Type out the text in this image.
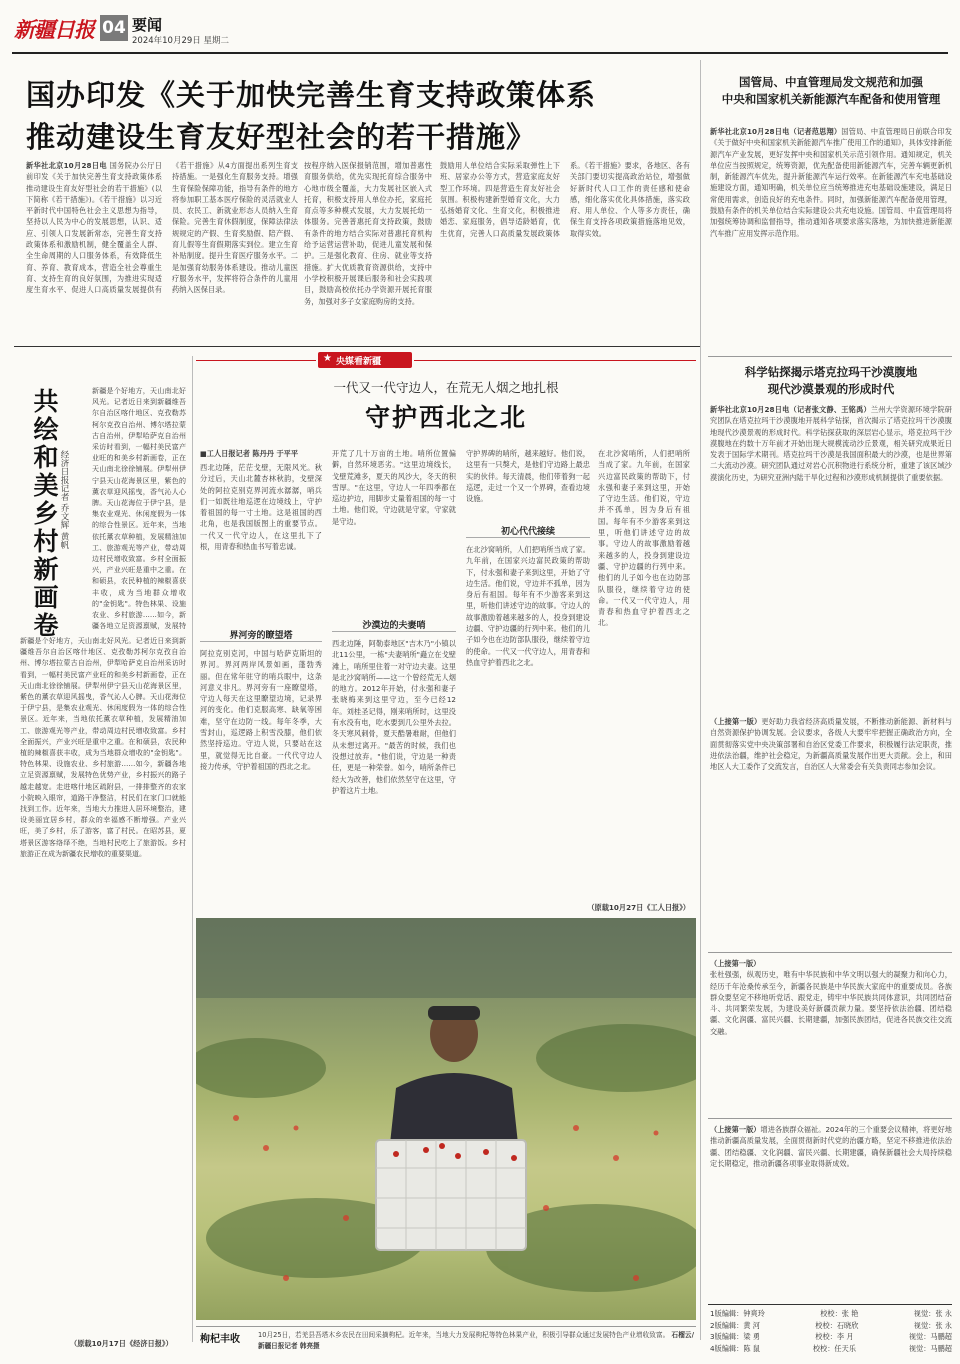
新疆日报 04 要闻
2024年10月29日 星期二
国办印发《关于加快完善生育支持政策体系
推动建设生育友好型社会的若干措施》
新华社北京10月28日电 国务院办公厅日前印发《关于加快完善生育支持政策体系推动建设生育友好型社会的若干措施》(以下简称《若干措施》)。《若干措施》以习近平新时代中国特色社会主义思想为指导，坚持以人民为中心的发展思想，认识、适应、引领人口发展新常态，完善生育支持政策体系和激励机制，健全覆盖全人群、全生命周期的人口服务体系，有效降低生育、养育、教育成本，营造全社会尊重生育、支持生育的良好氛围，为推进实现适度生育水平、促进人口高质量发展提供有
《若干措施》从4方面提出系列生育支持措施。一是强化生育服务支持。增强生育保险保障功能，指导有条件的地方将参加职工基本医疗保险的灵活就业人员、农民工、新就业形态人员纳入生育保险。完善生育休假制度，保障法律法规规定的产假、生育奖励假、陪产假、育儿假等生育假期落实到位。建立生育补贴制度。提升生育医疗服务水平。二是加强育幼服务体系建设。推动儿童医疗服务水平，发挥将符合条件的儿童用药纳入医保目录。
按程序纳入医保报销范围，增加普惠性育服务供给，优先实现托育综合服务中心地市级全覆盖，大力发展社区嵌入式托育，积极支持用人单位办托，家庭托育点等多种模式发展，大力发展托幼一体服务。完善普惠托育支持政策，鼓励有条件的地方结合实际对普惠托育机构给予运营运营补助，促进儿童发展和保护。三是强化教育、住房、就业等支持措施。扩大优质教育资源供给，支持中小学校积极开展课后服务和社会实践项目，鼓励高校依托办学资源开展托育服务，加强对多子女家庭购房的支持。
鼓励用人单位结合实际采取弹性上下班、居家办公等方式，营造家庭友好型工作环境。四是营造生育友好社会氛围。积极构建新型婚育文化，大力弘扬婚育文化、生育文化，积极推进婚恋、家庭服务，倡导适龄婚育，优生优育，完善人口高质量发展政策体系。《若干措施》要求，各地区、各有关部门要切实提高政治站位，增强做好新时代人口工作的责任感和使命感，细化落实优化具体措施，落实政府、用人单位、个人等多方责任，确保生育支持各项政策措施落地见效，取得实效。
国管局、中直管理局发文规范和加强
中央和国家机关新能源汽车配备和使用管理
新华社北京10月28日电（记者范思翔）国管局、中直管理局日前联合印发《关于做好中央和国家机关新能源汽车推广使用工作的通知》，具体安排新能源汽车产业发展，更好发挥中央和国家机关示范引领作用。通知规定，机关单位应当按照规定，统筹资源，优先配备使用新能源汽车，完善车辆更新机制，新能源汽车优先，提升新能源汽车运行效率。在新能源汽车充电基础设施建设方面，通知明确，机关单位应当统筹推进充电基础设施建设，满足日常使用需求，创造良好的充电条件。同时，加强新能源汽车配备使用管理，鼓励有条件的机关单位结合实际建设公共充电设施。国管局、中直管理局将加强统筹协调和监督指导，推动通知各项要求落实落地，为加快推进新能源汽车推广应用发挥示范作用。
科学钻探揭示塔克拉玛干沙漠腹地
现代沙漠景观的形成时代
新华社北京10月28日电（记者张文静、王铭禹）兰州大学资源环境学院研究团队在塔克拉玛干沙漠腹地开展科学钻探，首次揭示了塔克拉玛干沙漠腹地现代沙漠景观的形成时代。科学钻探获取的深层岩心显示，塔克拉玛干沙漠腹地在约数十万年前才开始出现大规模流动沙丘景观，相关研究成果近日发表于国际学术期刊。塔克拉玛干沙漠是我国面积最大的沙漠，也是世界第二大流动沙漠。研究团队通过对岩心沉积物进行系统分析，重建了该区域沙漠演化历史，为研究亚洲内陆干旱化过程和沙漠形成机制提供了重要依据。
（上接第一版）更好助力我省经济高质量发展，不断推动新能源、新材料与自然资源保护协调发展。会议要求，各级人大要牢牢把握正确政治方向，全面贯彻落实党中央决策部署和自治区党委工作要求，积极履行法定职责，推进依法治疆，维护社会稳定，为新疆高质量发展作出更大贡献。会上，和田地区人大工委作了交流发言，自治区人大常委会有关负责同志参加会议。
（上接第一版）
张杜强强，纵观历史，唯有中华民族和中华文明以强大的凝聚力和向心力，经历千年沧桑传承至今，新疆各民族是中华民族大家庭中的重要成员。各族群众要坚定不移地听党话、跟党走，铸牢中华民族共同体意识，共同团结奋斗、共同繁荣发展，为建设美好新疆贡献力量。要坚持依法治疆、团结稳疆、文化润疆、富民兴疆、长期建疆，加强民族团结，促进各民族交往交流交融。
（上接第一版）增进各族群众福祉。2024年的三个重要会议精神，将更好地推动新疆高质量发展，全面贯彻新时代党的治疆方略，坚定不移推进依法治疆、团结稳疆、文化润疆、富民兴疆、长期建疆，确保新疆社会大局持续稳定长期稳定，推动新疆各项事业取得新成效。
1版编辑：钟爽玲	校校：张 艳	视觉：张 永
2版编辑：黄 河	校校：石晓欣	视觉：张 永
3版编辑：梁 勇	校校：李 月	视觉：马鹏超
4版编辑：陈 鼠	校校：任天乐	视觉：马鹏超
共绘和美乡村新画卷 经济日报记者 乔文辉 黄帆
新疆是个好地方，天山南北好风光。记者近日来到新疆维吾尔自治区喀什地区、克孜勒苏柯尔克孜自治州、博尔塔拉蒙古自治州，伊犁哈萨克自治州采访时看到，一幅村美民富产业旺的和美乡村新画卷，正在天山南北徐徐铺展。伊犁州伊宁县天山花海景区里，紫色的薰衣草迎风摇曳，香气沁人心脾。天山花海位于伊宁县，是集农业观光、休闲度假为一体的综合性景区。近年来，当地依托薰衣草种植，发展精油加工、旅游观光等产业，带动周边村民增收致富。乡村全面振兴，产业兴旺是重中之重。在和硕县，农民种植的辣椒喜获丰收，成为当地群众增收的"金钥匙"。特色林果、设施农业、乡村旅游……如今，新疆各地立足资源禀赋，发展特
新疆是个好地方，天山南北好风光。记者近日来到新疆维吾尔自治区喀什地区、克孜勒苏柯尔克孜自治州、博尔塔拉蒙古自治州，伊犁哈萨克自治州采访时看到，一幅村美民富产业旺的和美乡村新画卷，正在天山南北徐徐铺展。伊犁州伊宁县天山花海景区里，紫色的薰衣草迎风摇曳，香气沁人心脾。天山花海位于伊宁县，是集农业观光、休闲度假为一体的综合性景区。近年来，当地依托薰衣草种植，发展精油加工、旅游观光等产业，带动周边村民增收致富。乡村全面振兴，产业兴旺是重中之重。在和硕县，农民种植的辣椒喜获丰收，成为当地群众增收的"金钥匙"。特色林果、设施农业、乡村旅游……如今，新疆各地立足资源禀赋，发展特色优势产业，乡村振兴的路子越走越宽。走进喀什地区疏附县，一排排整齐的农家小院映入眼帘，道路干净整洁，村民们在家门口就能找到工作。近年来，当地大力推进人居环境整治，建设美丽宜居乡村，群众的幸福感不断增强。产业兴旺，美了乡村，乐了游客，富了村民。在昭苏县，夏塔景区游客络绎不绝，当地村民吃上了旅游饭。乡村旅游正在成为新疆农民增收的重要渠道。
（原载10月17日《经济日报》）
★ 央媒看新疆
一代又一代守边人，在荒无人烟之地扎根
守护西北之北
■工人日报记者 陈丹丹 于平平
西北边陲，茫茫戈壁，无限风光。秋分过后，天山北麓杏林秋韵，戈壁深处的阿拉克别克界河流水潺潺，哨兵们一如既往地巡逻在边境线上，守护着祖国的每一寸土地。这是祖国的西北角，也是我国版图上的重要节点。一代又一代守边人，在这里扎下了根，用青春和热血书写着忠诚。
界河旁的瞭望塔
阿拉克别克河，中国与哈萨克斯坦的界河。界河两岸风景如画，蓬勃秀丽。但在常年驻守的哨兵眼中，这条河意义非凡。界河旁有一座瞭望塔，守边人每天在这里瞭望边境，记录界河的变化。他们克服高寒、缺氧等困难，坚守在边防一线。每年冬季，大雪封山，巡逻路上积雪没膝，他们依然坚持巡边。守边人说，只要站在这里，就觉得无比自豪。一代代守边人接力传承，守护着祖国的西北之北。
开荒了几十万亩的土地。哨所位置偏僻，自然环境恶劣。"这里边境线长，戈壁荒滩多，夏天的风沙大，冬天的积雪厚。"在这里，守边人一年四季都在巡边护边，用脚步丈量着祖国的每一寸土地。他们说，守边就是守家，守家就是守边。
沙漠边的夫妻哨
西北边陲，阿勒泰地区"吉木乃"小镇以北11公里，一栋"夫妻哨所"矗立在戈壁滩上，哨所里住着一对守边夫妻。这里是北沙窝哨所——这一个曾经荒无人烟的地方。2012年开始，付永强和妻子张晓梅来到这里守边，至今已经12年。刘桂圣记得，刚来哨所时，这里没有水没有电，吃水要到几公里外去拉。冬天寒风刺骨，夏天酷暑难耐，但他们从未想过离开。"最苦的时候，我们也没想过放弃。"他们说，守边是一种责任，更是一种荣誉。如今，哨所条件已经大为改善，他们依然坚守在这里，守护着这片土地。
守护界碑的哨所，越来越好。他们说，这里有一只獒犬，是他们守边路上最忠实的伙伴。每天清晨，他们带着狗一起巡逻，走过一个又一个界碑，查看边境设施。
初心代代接续
在北沙窝哨所，人们把哨所当成了家。九年前，在国家兴边富民政策的帮助下，付永强和妻子来到这里，开始了守边生活。他们说，守边并不孤单，因为身后有祖国。每年有不少游客来到这里，听他们讲述守边的故事。守边人的故事激励着越来越多的人，投身到建设边疆、守护边疆的行列中来。他们的儿子如今也在边防部队服役，继续着守边的使命。一代又一代守边人，用青春和热血守护着西北之北。
（原载10月27日《工人日报》）
在北沙窝哨所，人们把哨所当成了家。九年前，在国家兴边富民政策的帮助下，付永强和妻子来到这里，开始了守边生活。他们说，守边并不孤单，因为身后有祖国。每年有不少游客来到这里，听他们讲述守边的故事。守边人的故事激励着越来越多的人，投身到建设边疆、守护边疆的行列中来。他们的儿子如今也在边防部队服役，继续着守边的使命。一代又一代守边人，用青春和热血守护着西北之北。
枸杞丰收	10月25日，若羌县吾塔木乡农民在田间采摘枸杞。近年来，当地大力发展枸杞等特色林果产业，积极引导群众通过发展特色产业增收致富。 石榴云/新疆日报记者 韩亮摄
